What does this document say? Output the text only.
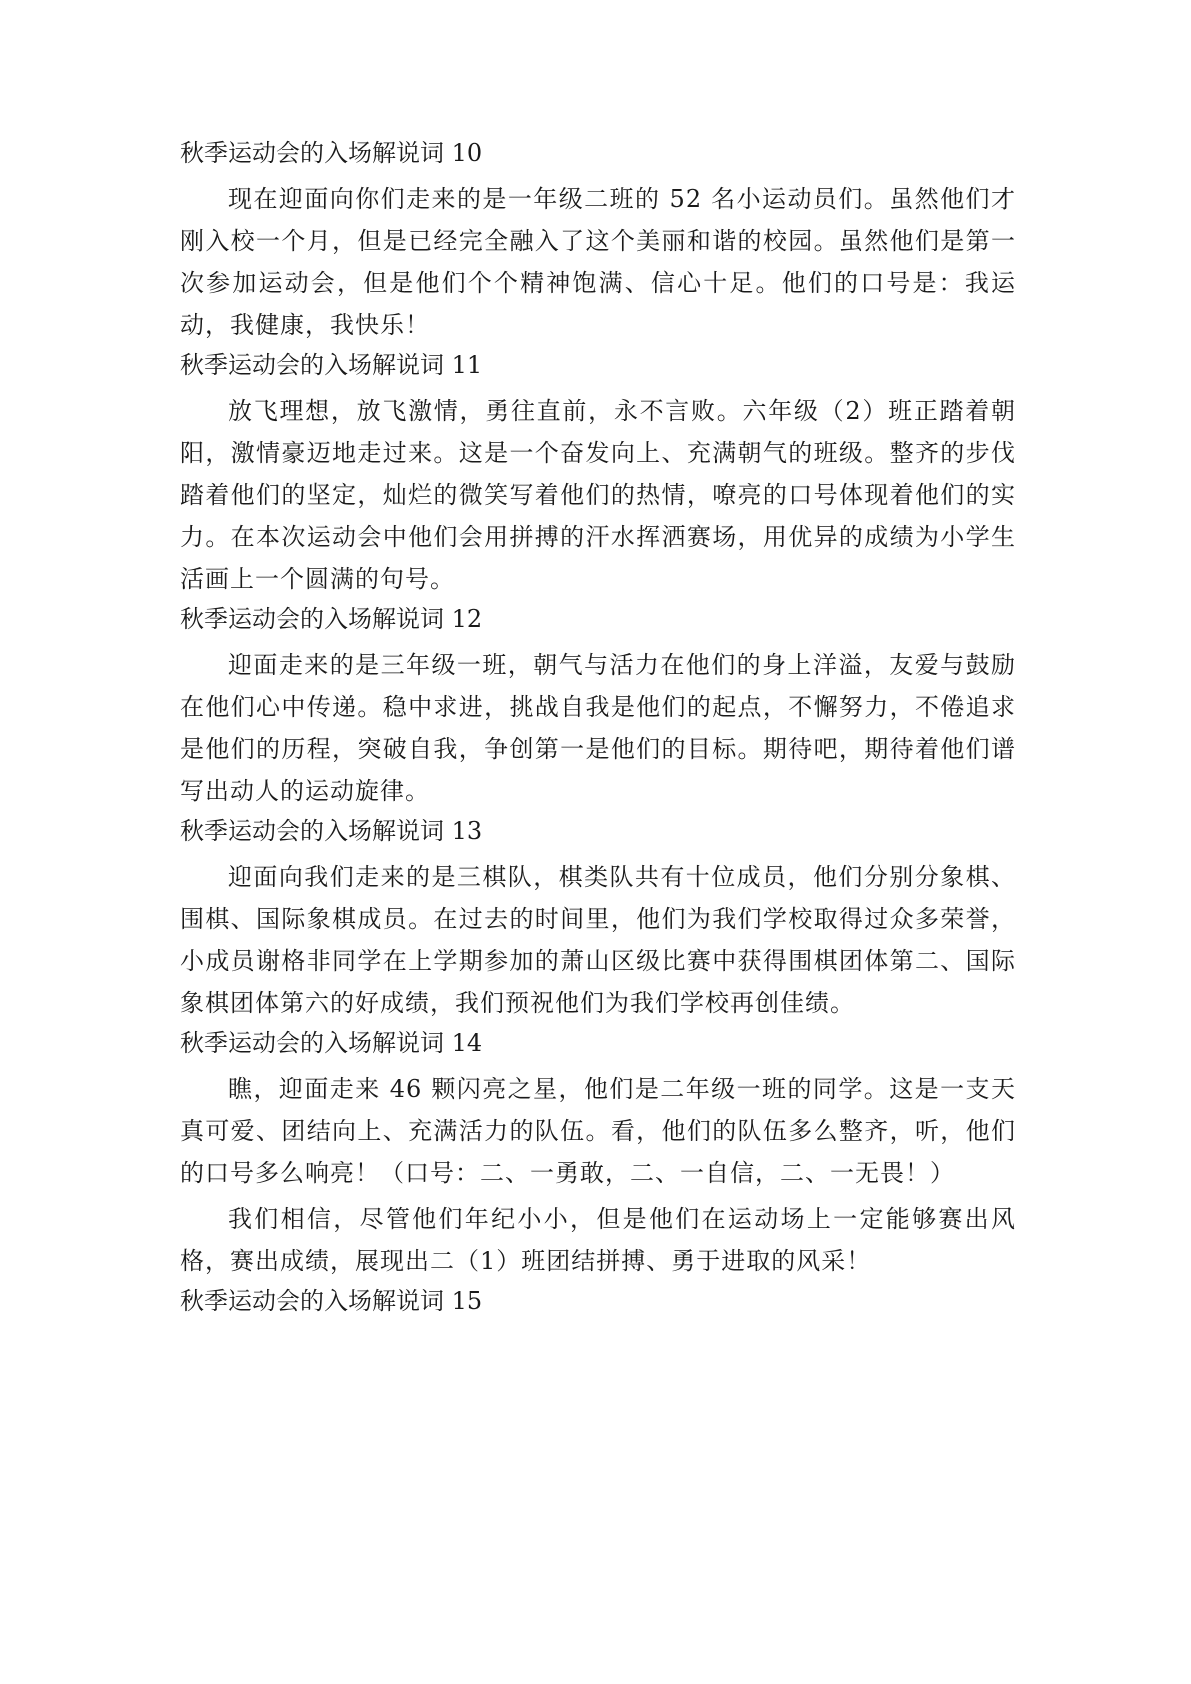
秋季运动会的入场解说词 10

现在迎面向你们走来的是一年级二班的 52 名小运动员们。虽然他们才刚入校一个月，但是已经完全融入了这个美丽和谐的校园。虽然他们是第一次参加运动会，但是他们个个精神饱满、信心十足。他们的口号是：我运动，我健康，我快乐！

秋季运动会的入场解说词 11

放飞理想，放飞激情，勇往直前，永不言败。六年级（2）班正踏着朝阳，激情豪迈地走过来。这是一个奋发向上、充满朝气的班级。整齐的步伐踏着他们的坚定，灿烂的微笑写着他们的热情，嘹亮的口号体现着他们的实力。在本次运动会中他们会用拼搏的汗水挥洒赛场，用优异的成绩为小学生活画上一个圆满的句号。

秋季运动会的入场解说词 12

迎面走来的是三年级一班，朝气与活力在他们的身上洋溢，友爱与鼓励在他们心中传递。稳中求进，挑战自我是他们的起点，不懈努力，不倦追求是他们的历程，突破自我，争创第一是他们的目标。期待吧，期待着他们谱写出动人的运动旋律。

秋季运动会的入场解说词 13

迎面向我们走来的是三棋队，棋类队共有十位成员，他们分别分象棋、围棋、国际象棋成员。在过去的时间里，他们为我们学校取得过众多荣誉，小成员谢格非同学在上学期参加的萧山区级比赛中获得围棋团体第二、国际象棋团体第六的好成绩，我们预祝他们为我们学校再创佳绩。

秋季运动会的入场解说词 14

瞧，迎面走来 46 颗闪亮之星，他们是二年级一班的同学。这是一支天真可爱、团结向上、充满活力的队伍。看，他们的队伍多么整齐，听，他们的口号多么响亮！（口号：二、一勇敢，二、一自信，二、一无畏！）

我们相信，尽管他们年纪小小，但是他们在运动场上一定能够赛出风格，赛出成绩，展现出二（1）班团结拼搏、勇于进取的风采！

秋季运动会的入场解说词 15
